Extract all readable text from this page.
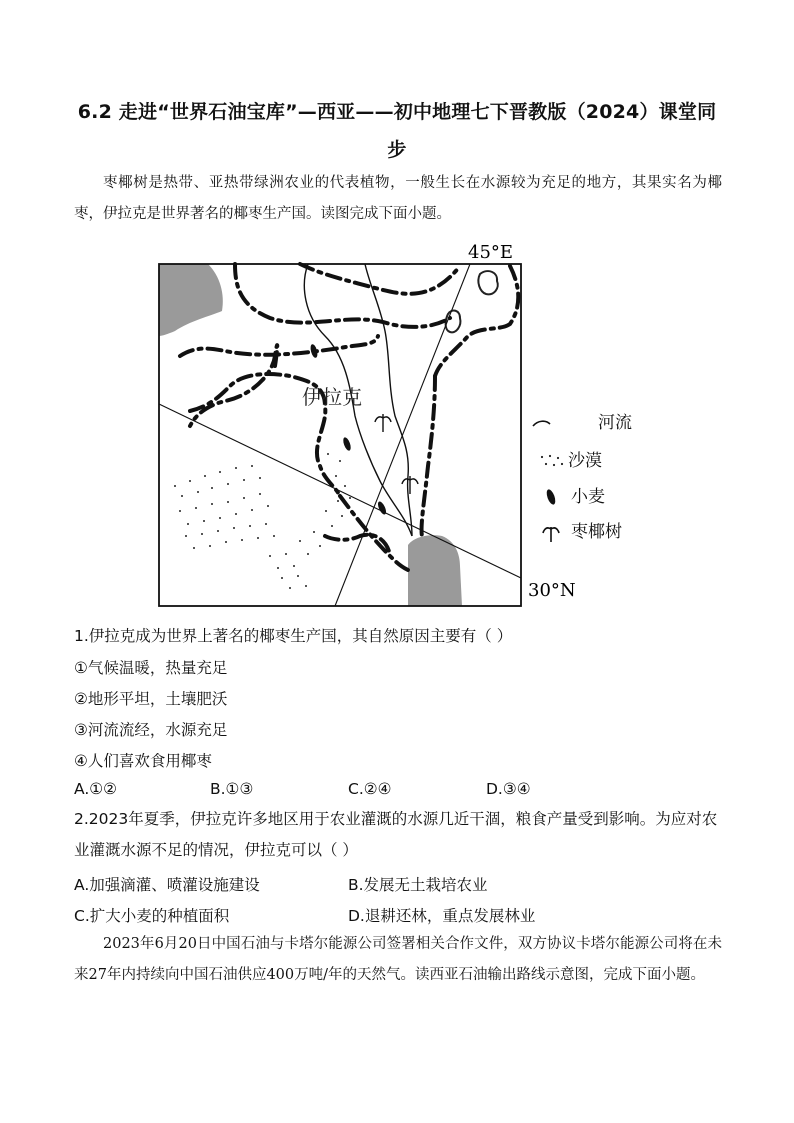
6.2 走进“世界石油宝库”—西亚——初中地理七下晋教版（2024）课堂同步
枣椰树是热带、亚热带绿洲农业的代表植物，一般生长在水源较为充足的地方，其果实名为椰枣，伊拉克是世界著名的椰枣生产国。读图完成下面小题。
45°E
30°N
伊拉克
河流
沙漠
小麦
枣椰树
1.伊拉克成为世界上著名的椰枣生产国，其自然原因主要有（ ）
①气候温暖，热量充足
②地形平坦，土壤肥沃
③河流流经，水源充足
④人们喜欢食用椰枣
A.①②	B.①③	C.②④	D.③④
2.2023年夏季，伊拉克许多地区用于农业灌溉的水源几近干涸，粮食产量受到影响。为应对农业灌溉水源不足的情况，伊拉克可以（ ）
A.加强滴灌、喷灌设施建设	B.发展无土栽培农业
C.扩大小麦的种植面积	D.退耕还林，重点发展林业
2023年6月20日中国石油与卡塔尔能源公司签署相关合作文件，双方协议卡塔尔能源公司将在未来27年内持续向中国石油供应400万吨/年的天然气。读西亚石油输出路线示意图，完成下面小题。
